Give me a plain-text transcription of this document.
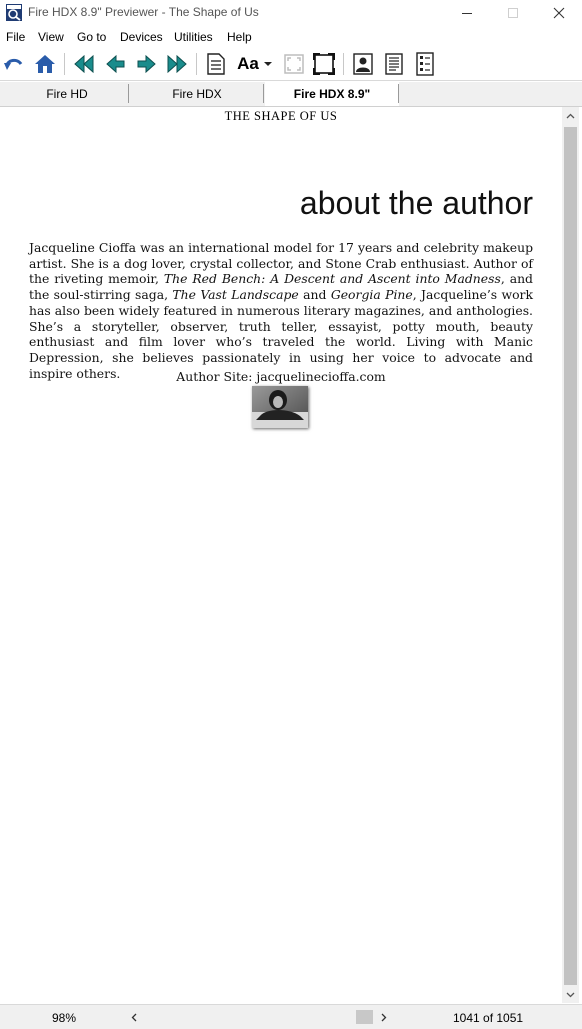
Fire HDX 8.9" Previewer - The Shape of Us
File View Go to Devices Utilities Help
Aa
Fire HD	Fire HDX	Fire HDX 8.9"
THE SHAPE OF US
about the author

Jacqueline Cioffa was an international model for 17 years and celebrity makeup artist. She is a dog lover, crystal collector, and Stone Crab enthusiast. Author of the riveting memoir, The Red Bench: A Descent and Ascent into Madness, and the soul-stirring saga, The Vast Landscape and Georgia Pine, Jacqueline’s work has also been widely featured in numerous literary magazines, and anthologies. She’s a storyteller, observer, truth teller, essayist, potty mouth, beauty enthusiast and film lover who’s traveled the world. Living with Manic Depression, she believes passionately in using her voice to advocate and inspire others.	Author Site: jacquelinecioffa.com
98%	1041 of 1051
